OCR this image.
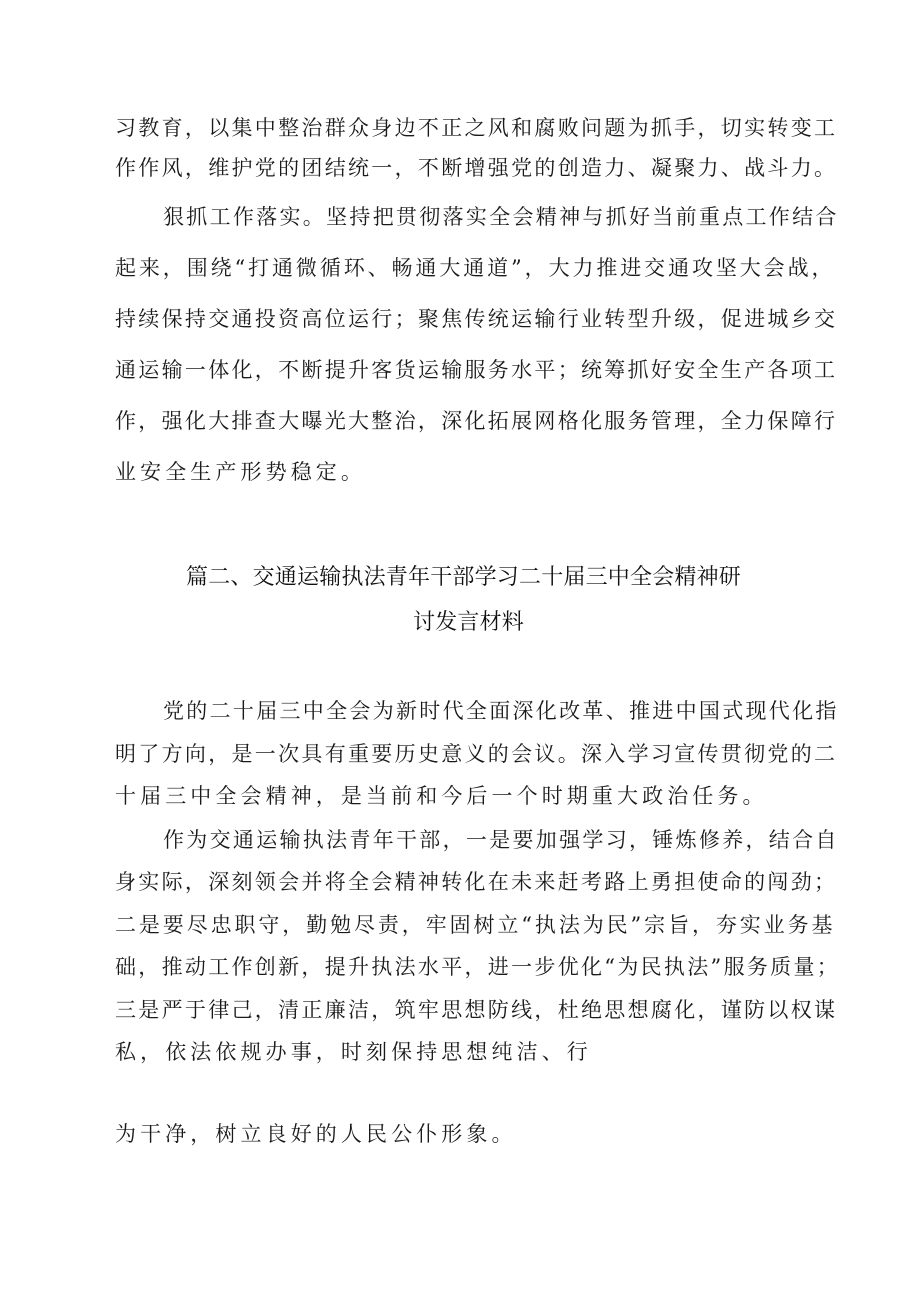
习教育，以集中整治群众身边不正之风和腐败问题为抓手，切实转变工
作作风，维护党的团结统一，不断增强党的创造力、凝聚力、战斗力。
狠抓工作落实。坚持把贯彻落实全会精神与抓好当前重点工作结合
起来，围绕“打通微循环、畅通大通道”，大力推进交通攻坚大会战，
持续保持交通投资高位运行；聚焦传统运输行业转型升级，促进城乡交
通运输一体化，不断提升客货运输服务水平；统筹抓好安全生产各项工
作，强化大排查大曝光大整治，深化拓展网格化服务管理，全力保障行
业安全生产形势稳定。
篇二、交通运输执法青年干部学习二十届三中全会精神研
讨发言材料
党的二十届三中全会为新时代全面深化改革、推进中国式现代化指
明了方向，是一次具有重要历史意义的会议。深入学习宣传贯彻党的二
十届三中全会精神，是当前和今后一个时期重大政治任务。
作为交通运输执法青年干部，一是要加强学习，锤炼修养，结合自
身实际，深刻领会并将全会精神转化在未来赶考路上勇担使命的闯劲；
二是要尽忠职守，勤勉尽责，牢固树立“执法为民”宗旨，夯实业务基
础，推动工作创新，提升执法水平，进一步优化“为民执法”服务质量；
三是严于律己，清正廉洁，筑牢思想防线，杜绝思想腐化，谨防以权谋
私，依法依规办事，时刻保持思想纯洁、行
为干净，树立良好的人民公仆形象。
